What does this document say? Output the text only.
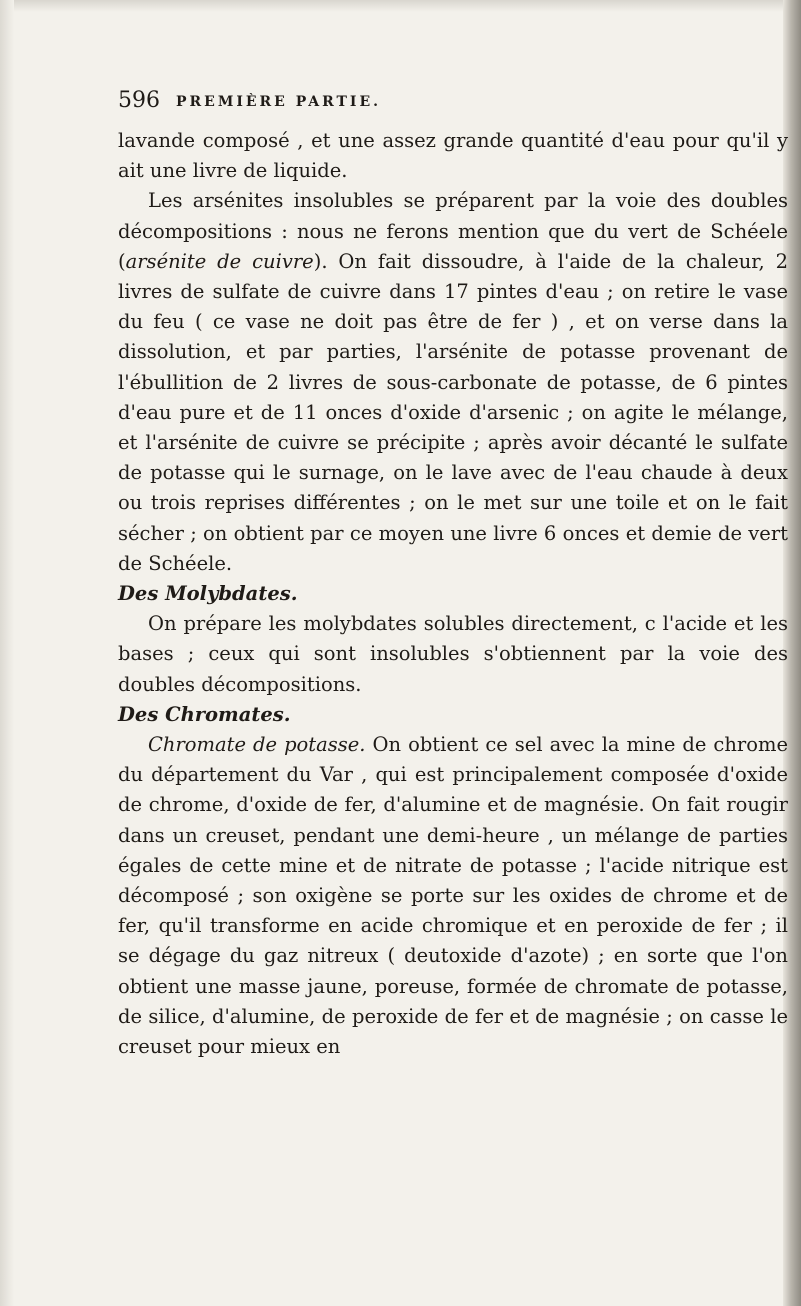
596 PREMIÈRE PARTIE.

lavande composé , et une assez grande quantité d'eau pour qu'il y ait une livre de liquide.

Les arsénites insolubles se préparent par la voie des doubles décompositions : nous ne ferons mention que du vert de Schéele (arsénite de cuivre). On fait dissoudre, à l'aide de la chaleur, 2 livres de sulfate de cuivre dans 17 pintes d'eau ; on retire le vase du feu ( ce vase ne doit pas être de fer ) , et on verse dans la dissolution, et par parties, l'arsénite de potasse provenant de l'ébullition de 2 livres de sous-carbonate de potasse, de 6 pintes d'eau pure et de 11 onces d'oxide d'arsenic ; on agite le mélange, et l'arsénite de cuivre se précipite ; après avoir décanté le sulfate de potasse qui le surnage, on le lave avec de l'eau chaude à deux ou trois reprises différentes ; on le met sur une toile et on le fait sécher ; on obtient par ce moyen une livre 6 onces et demie de vert de Schéele.

Des Molybdates.

On prépare les molybdates solubles directement, c l'acide et les bases ; ceux qui sont insolubles s'obtiennent par la voie des doubles décompositions.

Des Chromates.

Chromate de potasse. On obtient ce sel avec la mine de chrome du département du Var , qui est principalement composée d'oxide de chrome, d'oxide de fer, d'alumine et de magnésie. On fait rougir dans un creuset, pendant une demi-heure , un mélange de parties égales de cette mine et de nitrate de potasse ; l'acide nitrique est décomposé ; son oxigène se porte sur les oxides de chrome et de fer, qu'il transforme en acide chromique et en peroxide de fer ; il se dégage du gaz nitreux ( deutoxide d'azote) ; en sorte que l'on obtient une masse jaune, poreuse, formée de chromate de potasse, de silice, d'alumine, de peroxide de fer et de magnésie ; on casse le creuset pour mieux en
